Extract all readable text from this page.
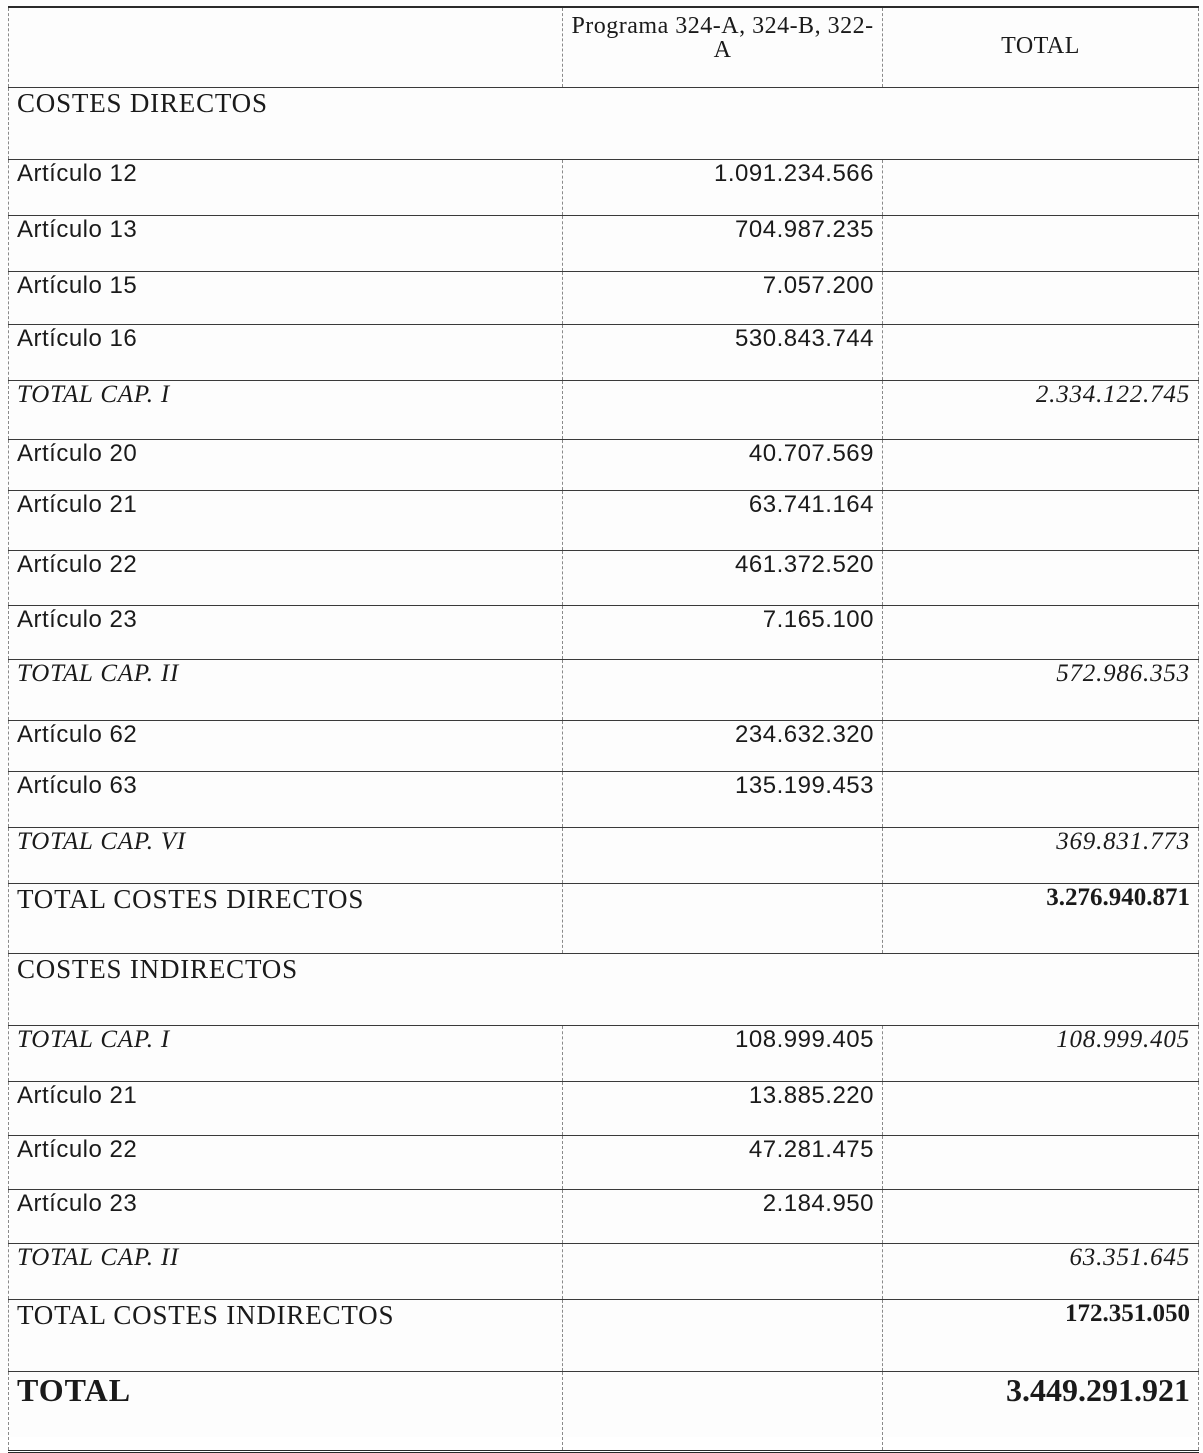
	Programa 324-A, 324-B, 322-A	TOTAL
COSTES DIRECTOS		
Artículo 12	1.091.234.566	
Artículo 13	704.987.235	
Artículo 15	7.057.200	
Artículo 16	530.843.744	
TOTAL CAP. I		2.334.122.745
Artículo 20	40.707.569	
Artículo 21	63.741.164	
Artículo 22	461.372.520	
Artículo 23	7.165.100	
TOTAL CAP. II		572.986.353
Artículo 62	234.632.320	
Artículo 63	135.199.453	
TOTAL CAP. VI		369.831.773
TOTAL COSTES DIRECTOS		3.276.940.871
COSTES INDIRECTOS		
TOTAL CAP. I	108.999.405	108.999.405
Artículo 21	13.885.220	
Artículo 22	47.281.475	
Artículo 23	2.184.950	
TOTAL CAP. II		63.351.645
TOTAL COSTES INDIRECTOS		172.351.050
TOTAL		3.449.291.921
